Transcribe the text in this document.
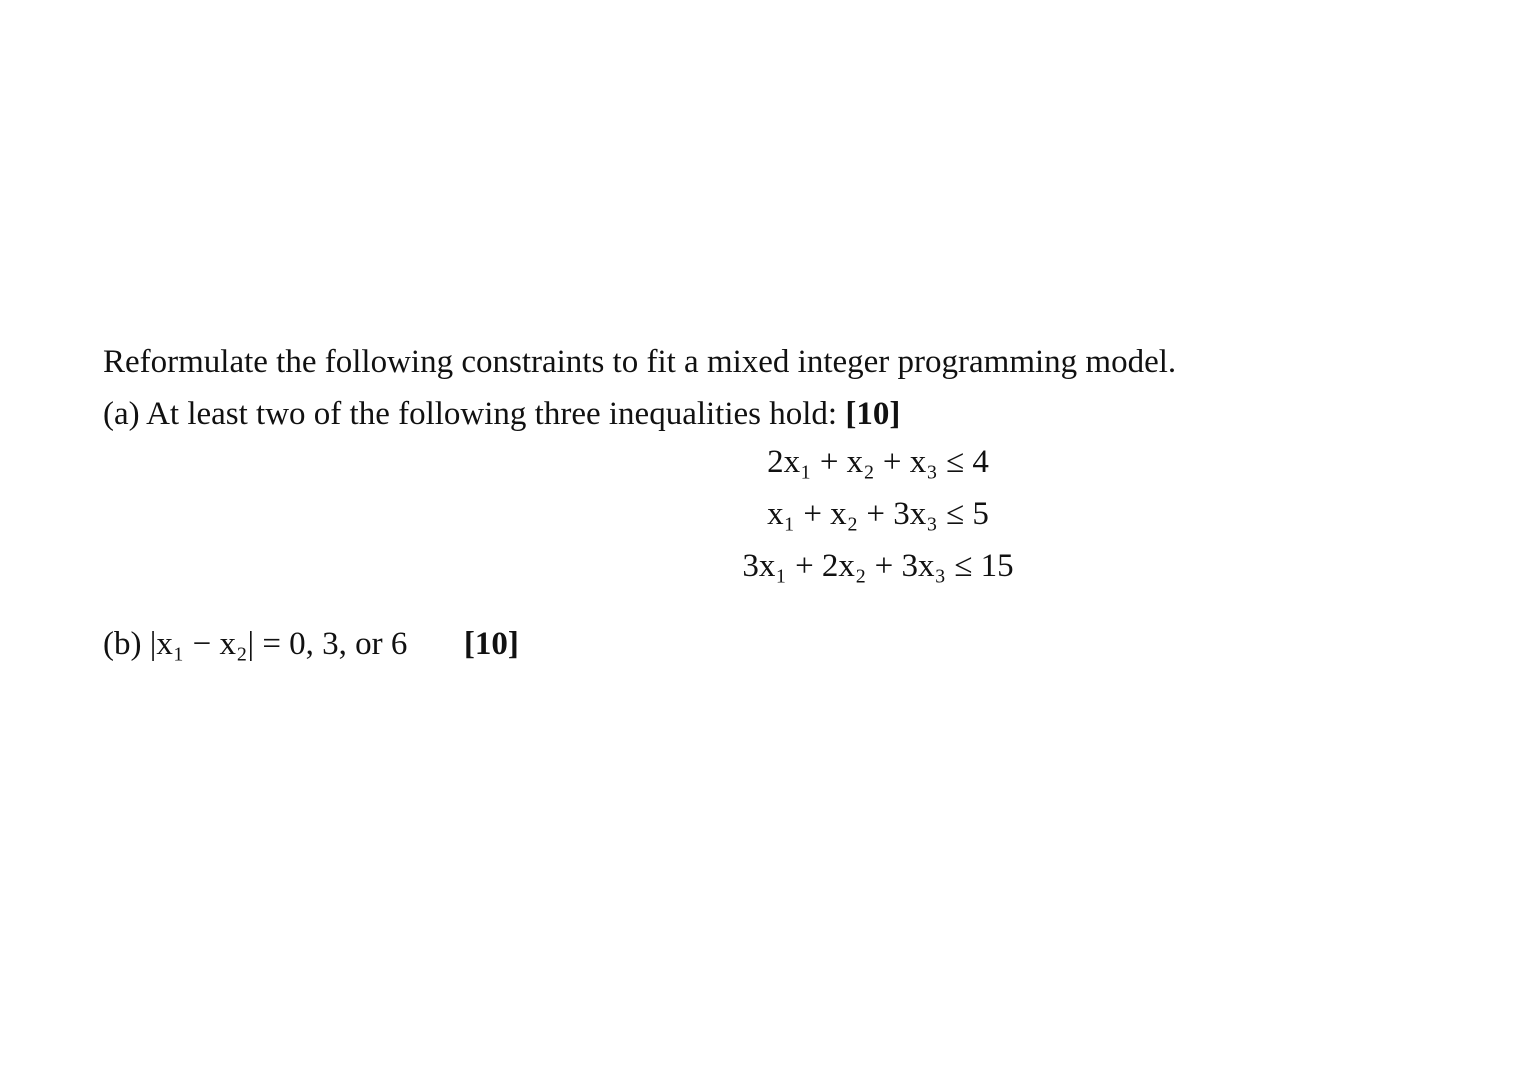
Reformulate the following constraints to fit a mixed integer programming model.
(a) At least two of the following three inequalities hold: [10]
2x₁ + x₂ + x₃ ≤ 4
x₁ + x₂ + 3x₃ ≤ 5
3x₁ + 2x₂ + 3x₃ ≤ 15
(b) |x₁ − x₂| = 0, 3, or 6 [10]
